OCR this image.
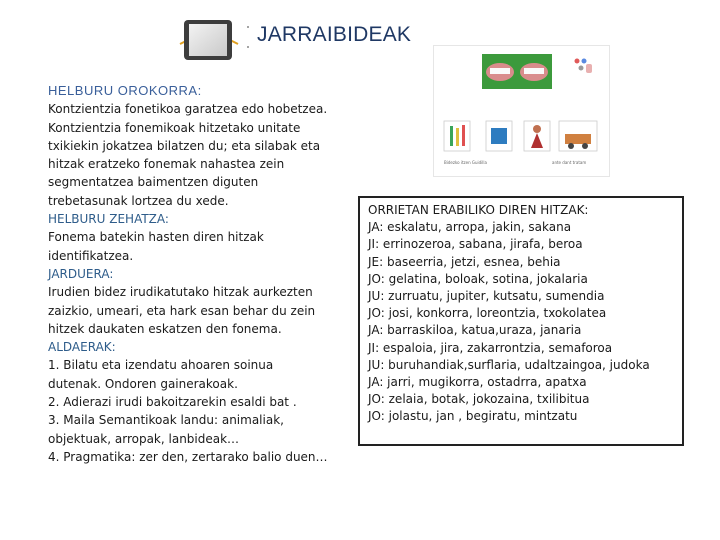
JARRAIBIDEAK
HELBURU OROKORRA:
Kontzientzia fonetikoa garatzea edo hobetzea.
Kontzientzia fonemikoak hitzetako unitate
txikiekin jokatzea bilatzen du; eta silabak eta
hitzak eratzeko fonemak nahastea zein
segmentatzea baimentzen diguten
trebetasunak lortzea du xede.
HELBURU ZEHATZA:
Fonema batekin hasten diren hitzak
identifikatzea.
JARDUERA:
Irudien bidez irudikatutako hitzak aurkezten
zaizkio, umeari, eta hark esan behar du zein
hitzek daukaten eskatzen den fonema.
ALDAERAK:
1. Bilatu eta izendatu ahoaren soinua
dutenak. Ondoren gainerakoak.
2. Adierazi irudi bakoitzarekin esaldi bat .
3. Maila Semantikoak landu: animaliak,
objektuak, arropak, lanbideak…
4. Pragmatika: zer den, zertarako balio duen…
Bidezko itzen Guidilla	ante dant tratam
ORRIETAN ERABILIKO DIREN HITZAK:
JA: eskalatu, arropa, jakin, sakana
JI: errinozeroa, sabana, jirafa, beroa
JE: baseerria, jetzi, esnea, behia
JO: gelatina, boloak, sotina, jokalaria
JU: zurruatu, jupiter, kutsatu, sumendia
JO: josi, konkorra, loreontzia, txokolatea
JA: barraskiloa, katua,uraza, janaria
JI: espaloia, jira, zakarrontzia, semaforoa
JU: buruhandiak,surflaria, udaltzaingoa, judoka
JA: jarri, mugikorra, ostadrra, apatxa
JO: zelaia, botak, jokozaina, txilibitua
JO: jolastu, jan , begiratu, mintzatu
